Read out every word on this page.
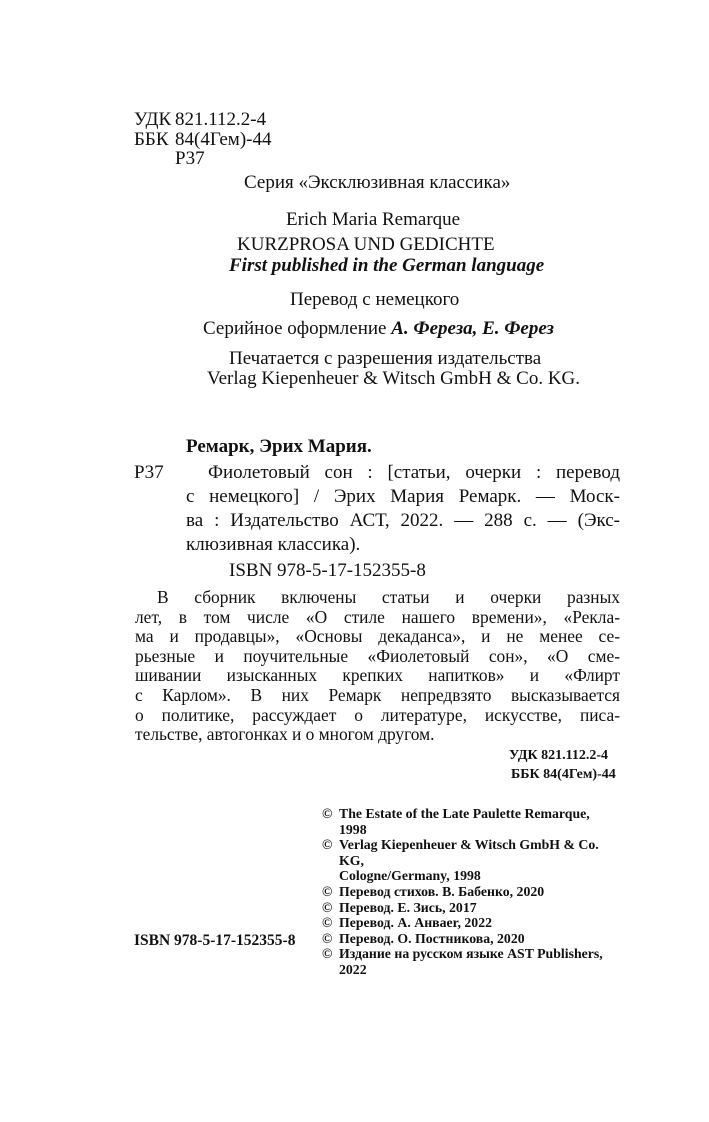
УДК 821.112.2-4
ББК 84(4Гем)-44
Р37
Серия «Эксклюзивная классика»
Erich Maria Remarque
KURZPROSA UND GEDICHTE
First published in the German language
Перевод с немецкого
Серийное оформление А. Фереза, Е. Ферез
Печатается с разрешения издательства
Verlag Kiepenheuer & Witsch GmbH & Co. KG.
Ремарк, Эрих Мария.
Р37 Фиолетовый сон : [статьи, очерки : перевод
с немецкого] / Эрих Мария Ремарк. — Моск-
ва : Издательство АСТ, 2022. — 288 с. — (Экс-
клюзивная классика).
ISBN 978-5-17-152355-8
В сборник включены статьи и очерки разных
лет, в том числе «О стиле нашего времени», «Рекла-
ма и продавцы», «Основы декаданса», и не менее се-
рьезные и поучительные «Фиолетовый сон», «О сме-
шивании изысканных крепких напитков» и «Флирт
с Карлом». В них Ремарк непредвзято высказывается
о политике, рассуждает о литературе, искусстве, писа-
тельстве, автогонках и о многом другом.
УДК 821.112.2-4
ББК 84(4Гем)-44
© The Estate of the Late Paulette Remarque,
1998
© Verlag Kiepenheuer & Witsch GmbH & Co. KG,
Cologne/Germany, 1998
© Перевод стихов. В. Бабенко, 2020
© Перевод. Е. Зись, 2017
© Перевод. А. Анвaer, 2022
© Перевод. О. Постникова, 2020
© Издание на русском языке AST Publishers,
2022
ISBN 978-5-17-152355-8
